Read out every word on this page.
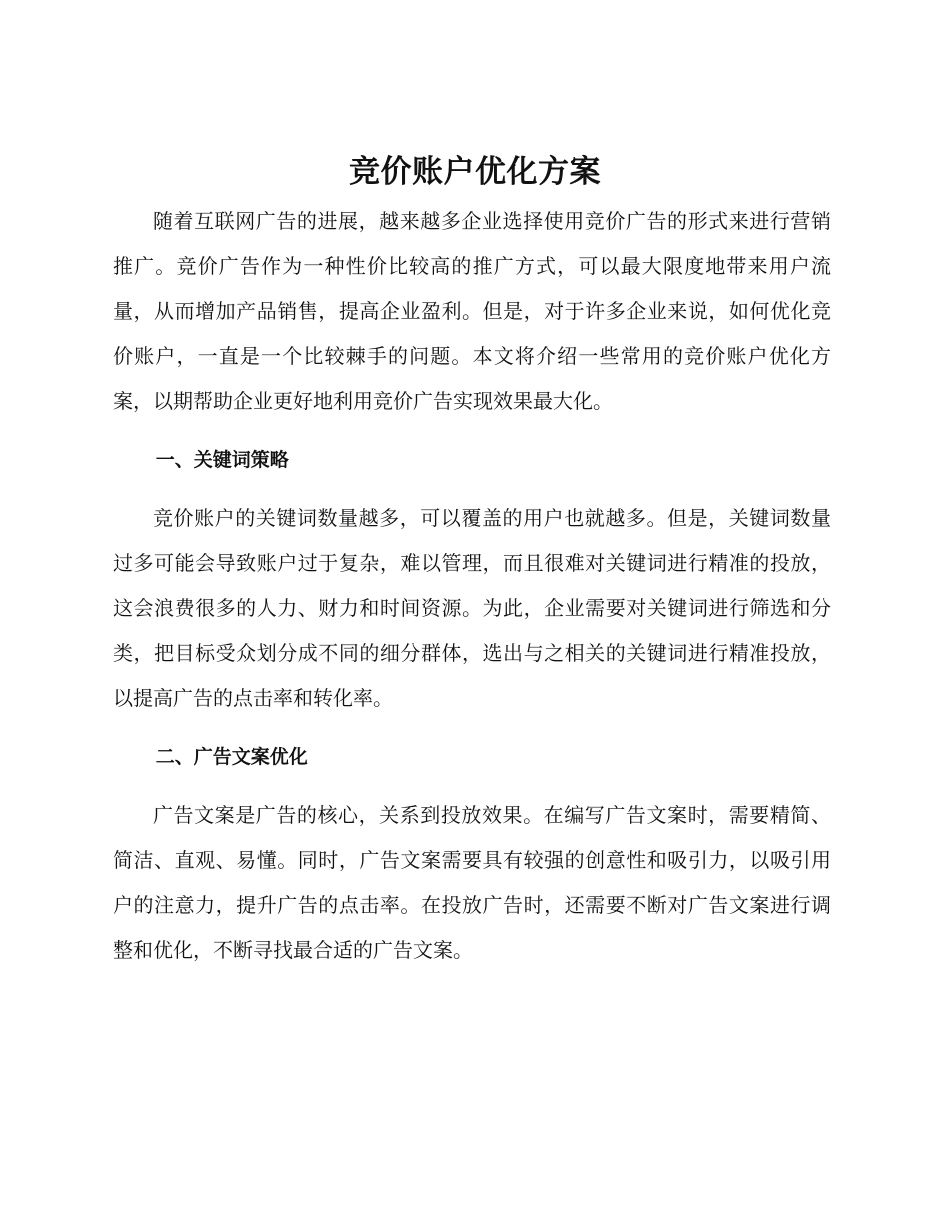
竞价账户优化方案

随着互联网广告的进展，越来越多企业选择使用竞价广告的形式来进行营销推广。竞价广告作为一种性价比较高的推广方式，可以最大限度地带来用户流量，从而增加产品销售，提高企业盈利。但是，对于许多企业来说，如何优化竞价账户，一直是一个比较棘手的问题。本文将介绍一些常用的竞价账户优化方案，以期帮助企业更好地利用竞价广告实现效果最大化。

一、关键词策略

竞价账户的关键词数量越多，可以覆盖的用户也就越多。但是，关键词数量过多可能会导致账户过于复杂，难以管理，而且很难对关键词进行精准的投放，这会浪费很多的人力、财力和时间资源。为此，企业需要对关键词进行筛选和分类，把目标受众划分成不同的细分群体，选出与之相关的关键词进行精准投放，以提高广告的点击率和转化率。

二、广告文案优化

广告文案是广告的核心，关系到投放效果。在编写广告文案时，需要精简、简洁、直观、易懂。同时，广告文案需要具有较强的创意性和吸引力，以吸引用户的注意力，提升广告的点击率。在投放广告时，还需要不断对广告文案进行调整和优化，不断寻找最合适的广告文案。
